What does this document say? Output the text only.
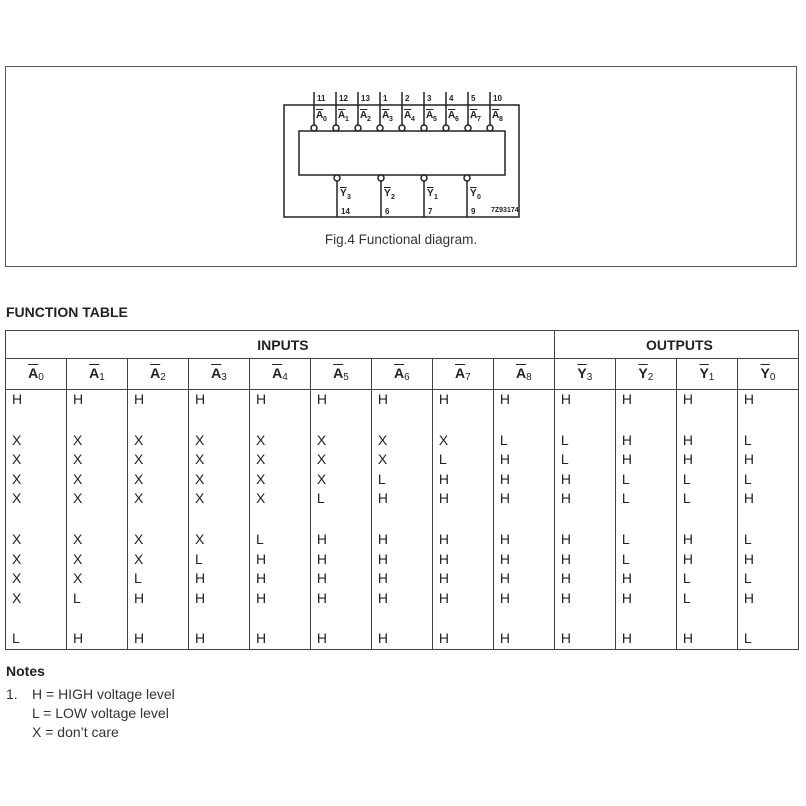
11
A 0
12
A 1
13
A 2
1
A 3
2
A 4
3
A 5
4
A 6
5
A 7
10
A 8
Y 3
14
Y 2
6
Y 1
7
Y 0
9 7Z93174
Fig.4 Functional diagram.
FUNCTION TABLE
INPUTS									OUTPUTS			
$\overline{A}_0$	$\overline{A}_1$	$\overline{A}_2$	$\overline{A}_3$	$\overline{A}_4$	$\overline{A}_5$	$\overline{A}_6$	$\overline{A}_7$	$\overline{A}_8$	$\overline{Y}_3$	$\overline{Y}_2$	$\overline{Y}_1$	$\overline{Y}_0$
H	H	H	H	H	H	H	H	H	H	H	H	H

X	X	X	X	X	X	X	X	L	L	H	H	L
X	X	X	X	X	X	X	L	H	L	H	H	H
X	X	X	X	X	X	L	H	H	H	L	L	L
X	X	X	X	X	L	H	H	H	H	L	L	H

X	X	X	X	L	H	H	H	H	H	L	H	L
X	X	X	L	H	H	H	H	H	H	L	H	H
X	X	L	H	H	H	H	H	H	H	H	L	L
X	L	H	H	H	H	H	H	H	H	H	L	H

L	H	H	H	H	H	H	H	H	H	H	H	L
Notes
1. H = HIGH voltage level
L = LOW voltage level
X = don’t care
